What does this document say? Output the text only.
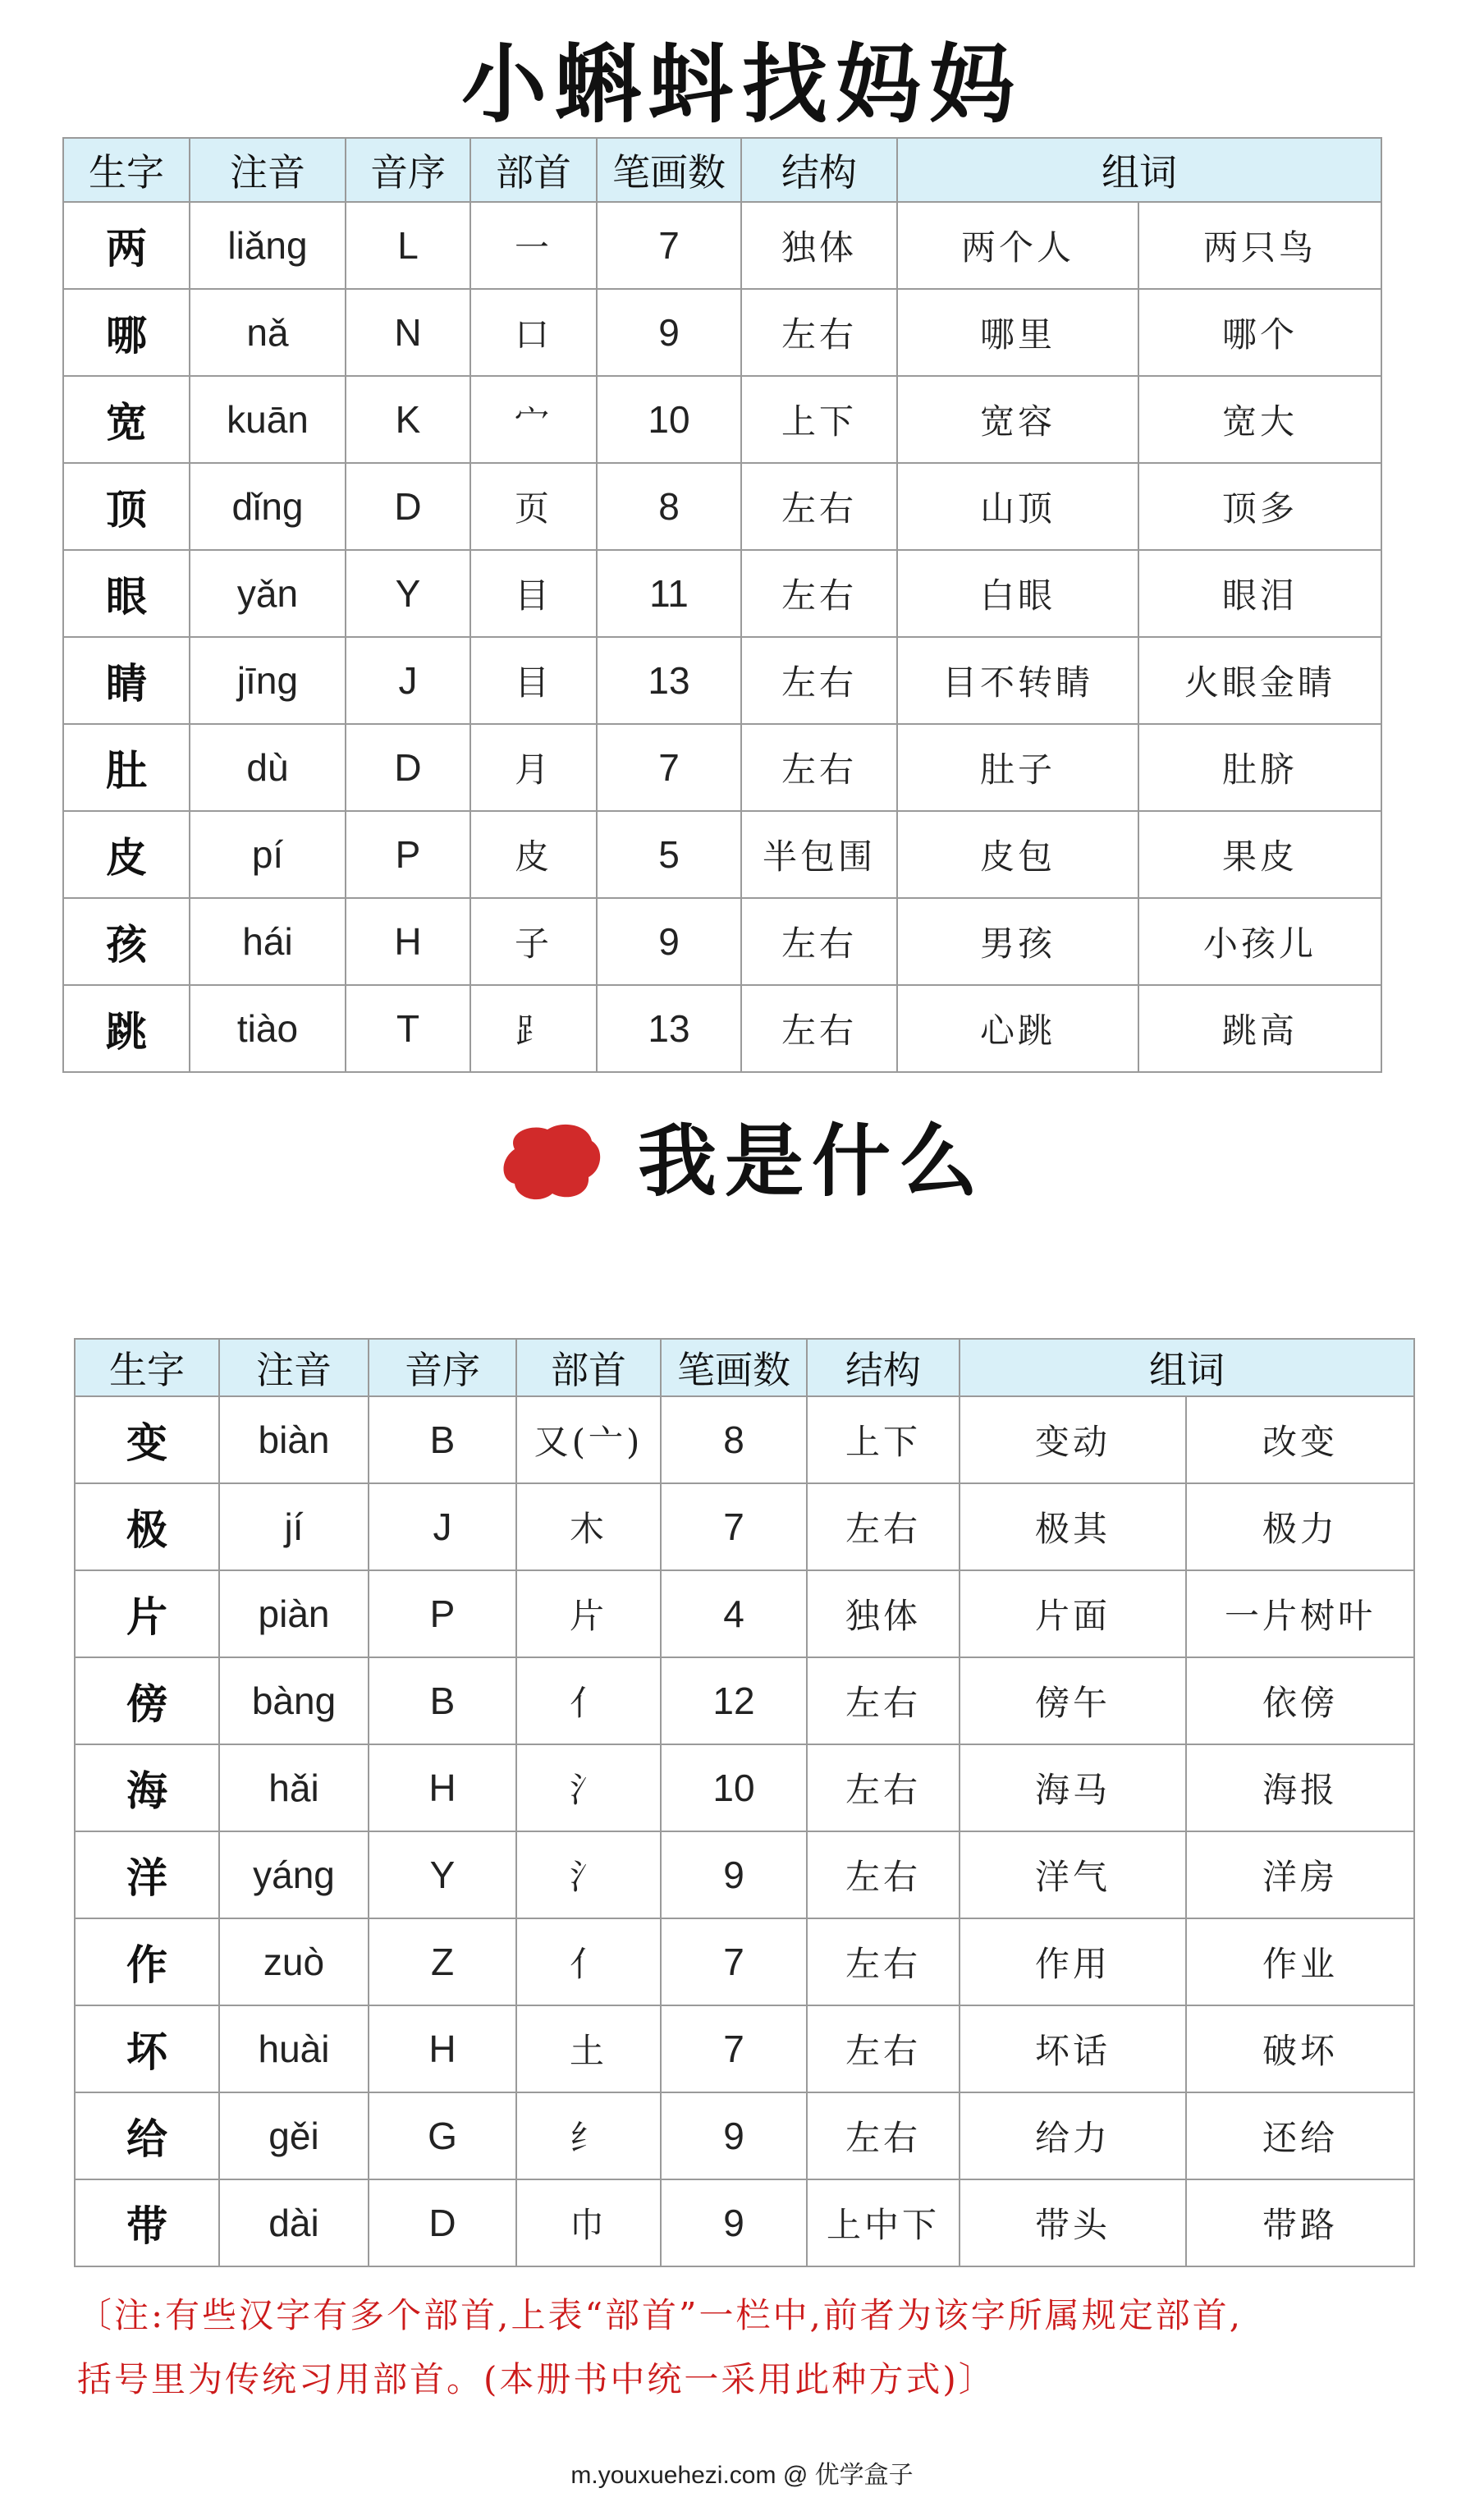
小蝌蚪找妈妈
生字	注音	音序	部首	笔画数	结构	组词	
两	liǎng	L	一	7	独体	两个人	两只鸟
哪	nǎ	N	口	9	左右	哪里	哪个
宽	kuān	K	宀	10	上下	宽容	宽大
顶	dǐng	D	页	8	左右	山顶	顶多
眼	yǎn	Y	目	11	左右	白眼	眼泪
睛	jīng	J	目	13	左右	目不转睛	火眼金睛
肚	dù	D	月	7	左右	肚子	肚脐
皮	pí	P	皮	5	半包围	皮包	果皮
孩	hái	H	子	9	左右	男孩	小孩儿
跳	tiào	T	⻊	13	左右	心跳	跳高
我是什么
生字	注音	音序	部首	笔画数	结构	组词	
变	biàn	B	又(亠)	8	上下	变动	改变
极	jí	J	木	7	左右	极其	极力
片	piàn	P	片	4	独体	片面	一片树叶
傍	bàng	B	亻	12	左右	傍午	依傍
海	hǎi	H	氵	10	左右	海马	海报
洋	yáng	Y	氵	9	左右	洋气	洋房
作	zuò	Z	亻	7	左右	作用	作业
坏	huài	H	土	7	左右	坏话	破坏
给	gěi	G	纟	9	左右	给力	还给
带	dài	D	巾	9	上中下	带头	带路
〔注:有些汉字有多个部首,上表“部首”一栏中,前者为该字所属规定部首,
括号里为传统习用部首。(本册书中统一采用此种方式)〕
m.youxuehezi.com @ 优学盒子
